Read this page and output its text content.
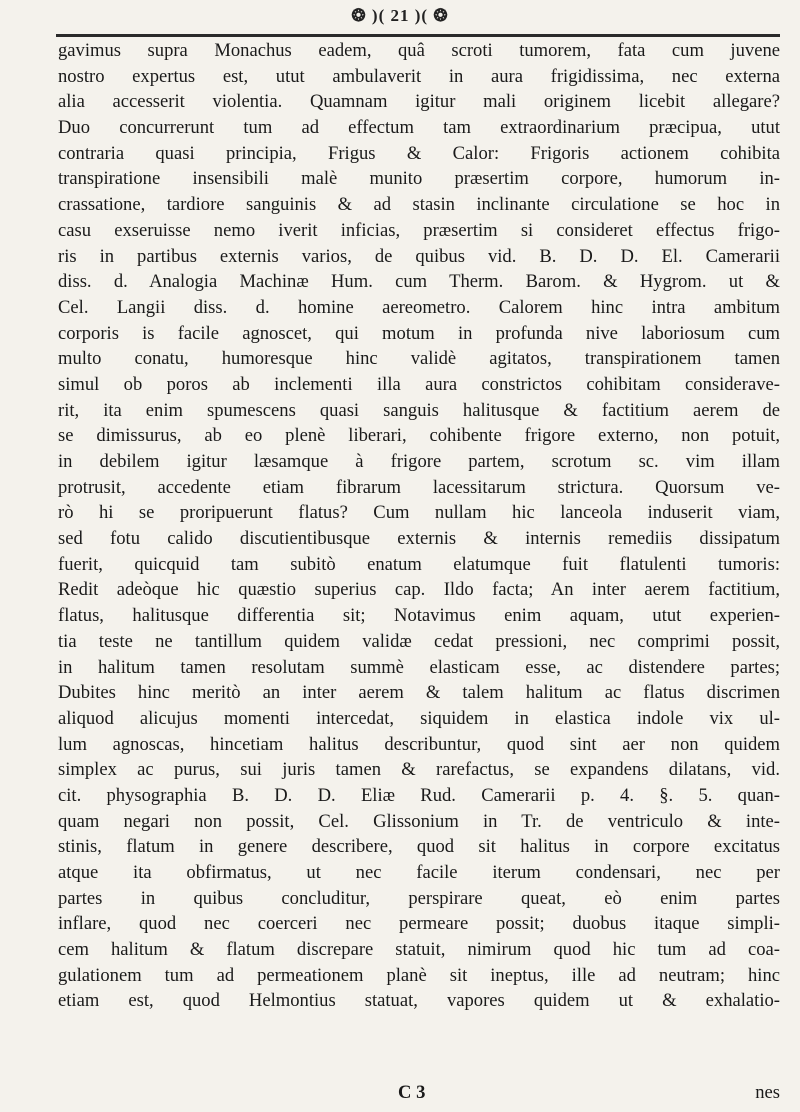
❂ )( 21 )( ❂
gavimus supra Monachus eadem, quâ scroti tumorem, fata cum juvene
nostro expertus est, utut ambulaverit in aura frigidissima, nec externa
alia accesserit violentia. Quamnam igitur mali originem licebit allegare?
Duo concurrerunt tum ad effectum tam extraordinarium præcipua, utut
contraria quasi principia, Frigus & Calor: Frigoris actionem cohibita
transpiratione insensibili malè munito præsertim corpore, humorum in-
crassatione, tardiore sanguinis & ad stasin inclinante circulatione se hoc in
casu exseruisse nemo iverit inficias, præsertim si consideret effectus frigo-
ris in partibus externis varios, de quibus vid. B. D. D. El. Camerarii
diss. d. Analogia Machinæ Hum. cum Therm. Barom. & Hygrom. ut &
Cel. Langii diss. d. homine aereometro. Calorem hinc intra ambitum
corporis is facile agnoscet, qui motum in profunda nive laboriosum cum
multo conatu, humoresque hinc validè agitatos, transpirationem tamen
simul ob poros ab inclementi illa aura constrictos cohibitam considerave-
rit, ita enim spumescens quasi sanguis halitusque & factitium aerem de
se dimissurus, ab eo plenè liberari, cohibente frigore externo, non potuit,
in debilem igitur læsamque à frigore partem, scrotum sc. vim illam
protrusit, accedente etiam fibrarum lacessitarum strictura. Quorsum ve-
rò hi se proripuerunt flatus? Cum nullam hic lanceola induserit viam,
sed fotu calido discutientibusque externis & internis remediis dissipatum
fuerit, quicquid tam subitò enatum elatumque fuit flatulenti tumoris:
Redit adeòque hic quæstio superius cap. Ildo facta; An inter aerem factitium,
flatus, halitusque differentia sit; Notavimus enim aquam, utut experien-
tia teste ne tantillum quidem validæ cedat pressioni, nec comprimi possit,
in halitum tamen resolutam summè elasticam esse, ac distendere partes;
Dubites hinc meritò an inter aerem & talem halitum ac flatus discrimen
aliquod alicujus momenti intercedat, siquidem in elastica indole vix ul-
lum agnoscas, hincetiam halitus describuntur, quod sint aer non quidem
simplex ac purus, sui juris tamen & rarefactus, se expandens dilatans, vid.
cit. physographia B. D. D. Eliæ Rud. Camerarii p. 4. §. 5. quan-
quam negari non possit, Cel. Glissonium in Tr. de ventriculo & inte-
stinis, flatum in genere describere, quod sit halitus in corpore excitatus
atque ita obfirmatus, ut nec facile iterum condensari, nec per
partes in quibus concluditur, perspirare queat, eò enim partes
inflare, quod nec coerceri nec permeare possit; duobus itaque simpli-
cem halitum & flatum discrepare statuit, nimirum quod hic tum ad coa-
gulationem tum ad permeationem planè sit ineptus, ille ad neutram; hinc
etiam est, quod Helmontius statuat, vapores quidem ut & exhalatio-
C 3	nes
